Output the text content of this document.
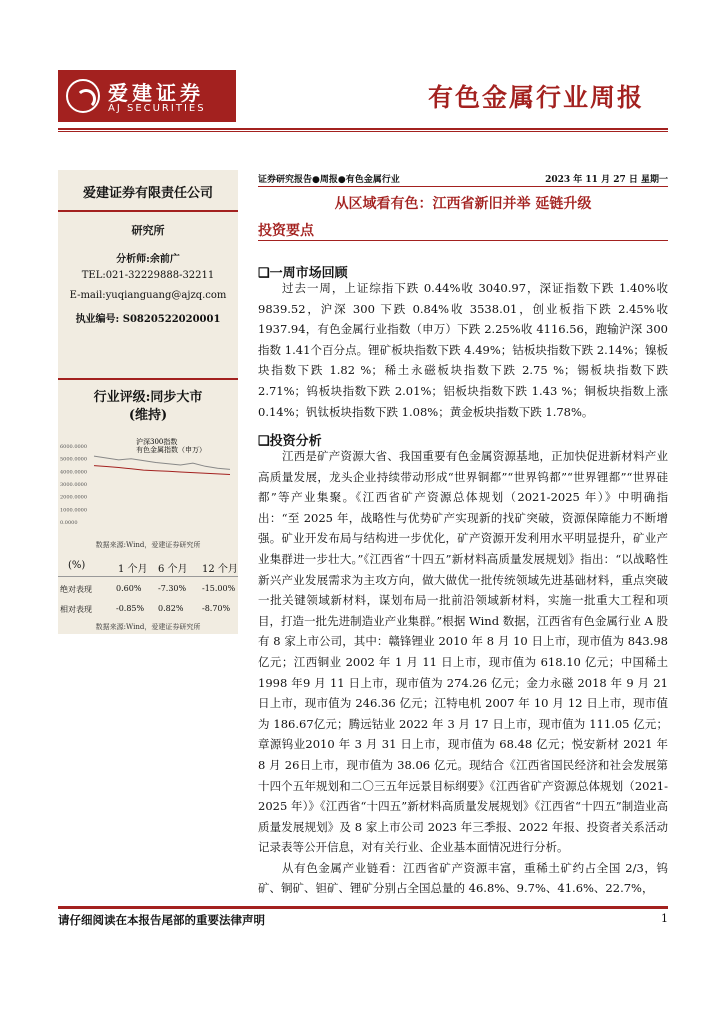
爱建证券
AJ SECURITIES	有色金属行业周报
爱建证券有限责任公司
研究所
分析师:余前广
TEL:021-32229888-32211
E-mail:yuqianguang@ajzq.com
执业编号: S0820522020001
行业评级:同步大市
(维持)
6000.0000
5000.0000
4000.0000
3000.0000
2000.0000
1000.0000
0.0000
沪深300指数
有色金属指数（申万）
数据来源:Wind，爱建证券研究所
(%)	1 个月 6 个月 12 个月
绝对表现	0.60% -7.30% -15.00%
相对表现	-0.85% 0.82% -8.70%
数据来源:Wind，爱建证券研究所
证券研究报告●周报●有色金属行业	2023 年 11 月 27 日 星期一
从区域看有色：江西省新旧并举 延链升级
投资要点
❑一周市场回顾

过去一周，上证综指下跌 0.44%收 3040.97，深证指数下跌 1.40%收9839.52，沪深 300 下跌 0.84%收 3538.01，创业板指下跌 2.45%收 1937.94，有色金属行业指数（申万）下跌 2.25%收 4116.56，跑输沪深 300 指数 1.41个百分点。锂矿板块指数下跌 4.49%；钴板块指数下跌 2.14%；镍板块指数下跌 1.82 %；稀土永磁板块指数下跌 2.75 %；锡板块指数下跌 2.71%；钨板块指数下跌 2.01%；铝板块指数下跌 1.43 %；铜板块指数上涨 0.14%；钒钛板块指数下跌 1.08%；黄金板块指数下跌 1.78%。

❑投资分析

江西是矿产资源大省、我国重要有色金属资源基地，正加快促进新材料产业高质量发展，龙头企业持续带动形成“世界铜都”“世界钨都”“世界锂都”“世界硅都”等产业集聚。《江西省矿产资源总体规划（2021-2025 年）》中明确指出：“至 2025 年，战略性与优势矿产实现新的找矿突破，资源保障能力不断增强。矿业开发布局与结构进一步优化，矿产资源开发利用水平明显提升，矿业产业集群进一步壮大。”《江西省“十四五”新材料高质量发展规划》指出：“以战略性新兴产业发展需求为主攻方向，做大做优一批传统领域先进基础材料，重点突破一批关键领域新材料，谋划布局一批前沿领域新材料，实施一批重大工程和项目，打造一批先进制造业产业集群。”根据 Wind 数据，江西省有色金属行业 A 股有 8 家上市公司，其中：赣锋锂业 2010 年 8 月 10 日上市，现市值为 843.98 亿元；江西铜业 2002 年 1 月 11 日上市，现市值为 618.10 亿元；中国稀土 1998 年9 月 11 日上市，现市值为 274.26 亿元；金力永磁 2018 年 9 月 21 日上市，现市值为 246.36 亿元；江特电机 2007 年 10 月 12 日上市，现市值为 186.67亿元；腾远钴业 2022 年 3 月 17 日上市，现市值为 111.05 亿元；章源钨业2010 年 3 月 31 日上市，现市值为 68.48 亿元；悦安新材 2021 年 8 月 26日上市，现市值为 38.06 亿元。现结合《江西省国民经济和社会发展第十四个五年规划和二〇三五年远景目标纲要》《江西省矿产资源总体规划（2021-2025 年）》《江西省“十四五”新材料高质量发展规划》《江西省“十四五”制造业高质量发展规划》及 8 家上市公司 2023 年三季报、2022 年报、投资者关系活动记录表等公开信息，对有关行业、企业基本面情况进行分析。

从有色金属产业链看：江西省矿产资源丰富，重稀土矿约占全国 2/3，钨矿、铜矿、钽矿、锂矿分别占全国总量的 46.8%、9.7%、41.6%、22.7%，

请仔细阅读在本报告尾部的重要法律声明	1
